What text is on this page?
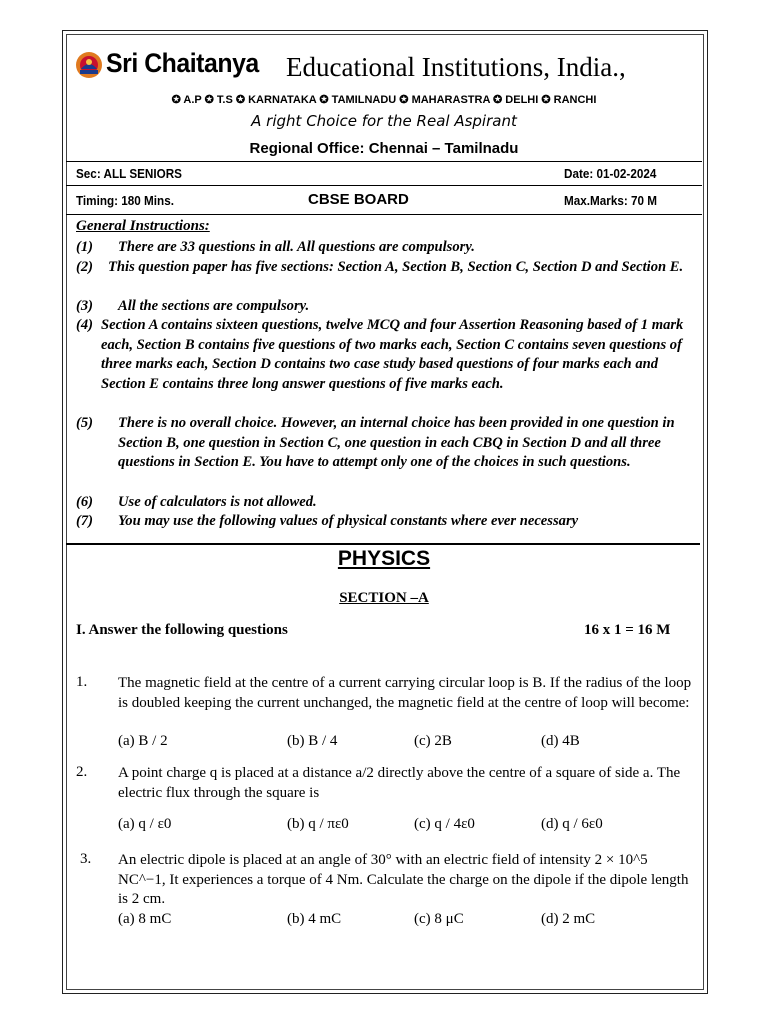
Sri Chaitanya Educational Institutions, India.,
✪ A.P ✪ T.S ✪ KARNATAKA ✪ TAMILNADU ✪ MAHARASTRA ✪ DELHI ✪ RANCHI
A right Choice for the Real Aspirant
Regional Office: Chennai – Tamilnadu
Sec: ALL SENIORS	Date: 01-02-2024
Timing: 180 Mins.	CBSE BOARD	Max.Marks: 70 M
General Instructions:
(1) There are 33 questions in all. All questions are compulsory.
(2) This question paper has five sections: Section A, Section B, Section C, Section D and Section E.
(3) All the sections are compulsory.
(4) Section A contains sixteen questions, twelve MCQ and four Assertion Reasoning based of 1 mark each, Section B contains five questions of two marks each, Section C contains seven questions of three marks each, Section D contains two case study based questions of four marks each and Section E contains three long answer questions of five marks each.
(5) There is no overall choice. However, an internal choice has been provided in one question in Section B, one question in Section C, one question in each CBQ in Section D and all three questions in Section E. You have to attempt only one of the choices in such questions.
(6) Use of calculators is not allowed.
(7) You may use the following values of physical constants where ever necessary
PHYSICS
SECTION –A
I. Answer the following questions	16 x 1 = 16 M
1. The magnetic field at the centre of a current carrying circular loop is B. If the radius of the loop is doubled keeping the current unchanged, the magnetic field at the centre of loop will become:
(a) B / 2	(b) B / 4	(c) 2B	(d) 4B
2. A point charge q is placed at a distance a/2 directly above the centre of a square of side a. The electric flux through the square is
(a) q / ε0	(b) q / πε0	(c) q / 4ε0	(d) q / 6ε0
3. An electric dipole is placed at an angle of 30° with an electric field of intensity 2 × 10^5 NC^−1, It experiences a torque of 4 Nm. Calculate the charge on the dipole if the dipole length is 2 cm.
(a) 8 mC	(b) 4 mC	(c) 8 μC	(d) 2 mC
